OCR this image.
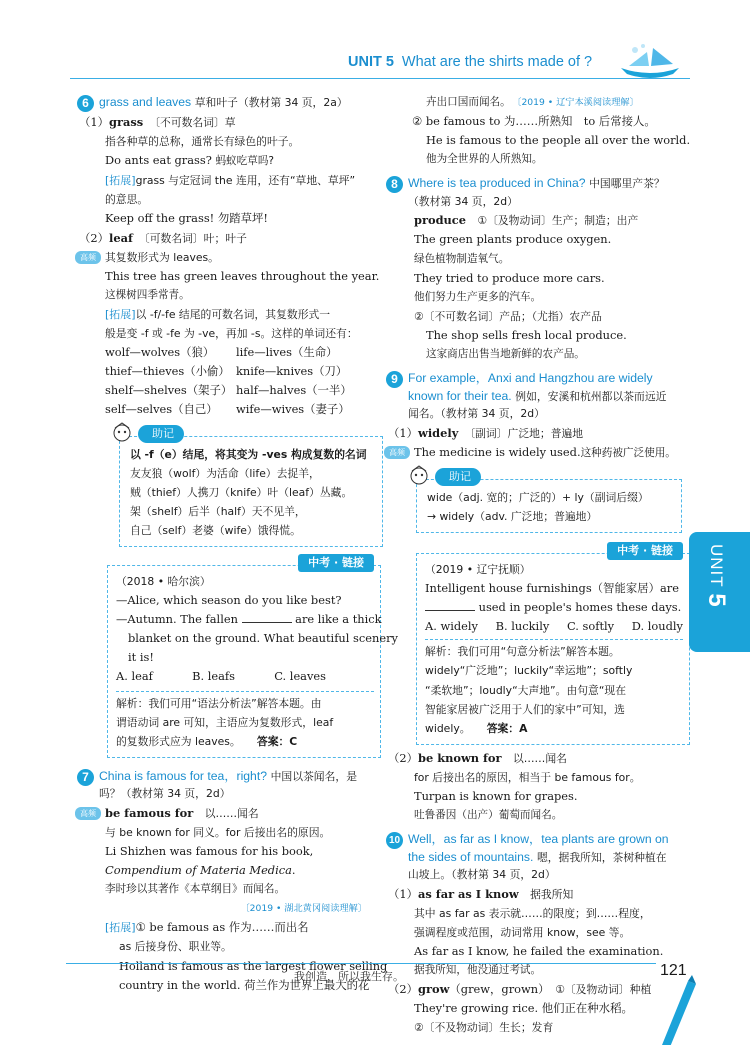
UNIT 5 What are the shirts made of ?
6 grass and leaves 草和叶子（教材第 34 页，2a）

（1）grass　 〔不可数名词〕草

指各种草的总称，通常长有绿色的叶子。

Do ants eat grass? 蚂蚁吃草吗?

[拓展]grass 与定冠词 the 连用，还有“草地、草坪”

的意思。

Keep off the grass! 勿踏草坪!

（2）leaf　 〔可数名词〕叶；叶子

高频 其复数形式为 leaves。

This tree has green leaves throughout the year.

这棵树四季常青。

[拓展]以 -f/-fe 结尾的可数名词，其复数形式一

般是变 -f 或 -fe 为 -ve，再加 -s。这样的单词还有：

wolf—wolves（狼）	life—lives（生命）
thief—thieves（小偷） knife—knives（刀）
shelf—shelves（架子） half—halves（一半）
self—selves（自己）	wife—wives（妻子）
助记

以 -f（e）结尾，将其变为 -ves 构成复数的名词

友友狼（wolf）为活命（life）去捉羊，

贼（thief）人携刀（knife）叶（leaf）丛藏。

架（shelf）后半（half）天不见羊，

自己（self）老婆（wife）饿得慌。

中考 · 链接

（2018 • 哈尔滨）

—Alice, which season do you like best?

—Autumn. The fallen	are like a thick

blanket on the ground. What beautiful scenery

it is!

A. leaf	B. leafs	C. leaves

解析：我们可用“语法分析法”解答本题。由

谓语动词 are 可知，主语应为复数形式，leaf

的复数形式应为 leaves。　　 答案：C

7 China is famous for tea，right? 中国以茶闻名，是吗？（教材第 34 页，2d）

高频 be famous for　 以……闻名

与 be known for 同义。for 后接出名的原因。

Li Shizhen was famous for his book, Compendium of Materia Medica.

李时珍以其著作《本草纲目》而闻名。

〔2019 • 湖北黄冈阅读理解〕

[拓展]① be famous as 作为……而出名

as 后接身份、职业等。

Holland is famous as the largest flower selling

country in the world. 荷兰作为世界上最大的花

卉出口国而闻名。　 〔2019 • 辽宁本溪阅读理解〕

② be famous to 为……所熟知　to 后常接人。

He is famous to the people all over the world.

他为全世界的人所熟知。

8 Where is tea produced in China? 中国哪里产茶？（教材第 34 页，2d）

produce　 ①〔及物动词〕生产；制造；出产

The green plants produce oxygen.

绿色植物制造氧气。

They tried to produce more cars.

他们努力生产更多的汽车。

②〔不可数名词〕产品；（尤指）农产品

The shop sells fresh local produce.

这家商店出售当地新鲜的农产品。

9 For example，Anxi and Hangzhou are widely known for their tea. 例如，安溪和杭州都以茶而远近闻名。（教材第 34 页，2d）

（1）widely　 〔副词〕广泛地；普遍地

高频 The medicine is widely used.这种药被广泛使用。

助记

wide（adj. 宽的；广泛的）+ ly（副词后缀）

→ widely（adv. 广泛地；普遍地）

中考 · 链接

（2019 • 辽宁抚顺）

Intelligent house furnishings（智能家居）are

used in people's homes these days.

A. widely B. luckily C. softly D. loudly

解析：我们可用“句意分析法”解答本题。

widely“广泛地”；luckily“幸运地”；softly

“柔软地”；loudly“大声地”。由句意“现在

智能家居被广泛用于人们的家中”可知，选

widely。　　 答案：A

（2）be known for　 以……闻名

for 后接出名的原因，相当于 be famous for。

Turpan is known for grapes.

吐鲁番因（出产）葡萄而闻名。

10 Well，as far as I know，tea plants are grown on the sides of mountains. 嗯，据我所知，茶树种植在山坡上。（教材第 34 页，2d）

（1）as far as I know　 据我所知

其中 as far as 表示就……的限度；到……程度，

强调程度或范围，动词常用 know，see 等。

As far as I know, he failed the examination.

据我所知，他没通过考试。

（2）grow（grew，grown）　 ①〔及物动词〕种植

They're growing rice. 他们正在种水稻。

②〔不及物动词〕生长；发育

UNIT 5
我创造，所以我生存。	121
